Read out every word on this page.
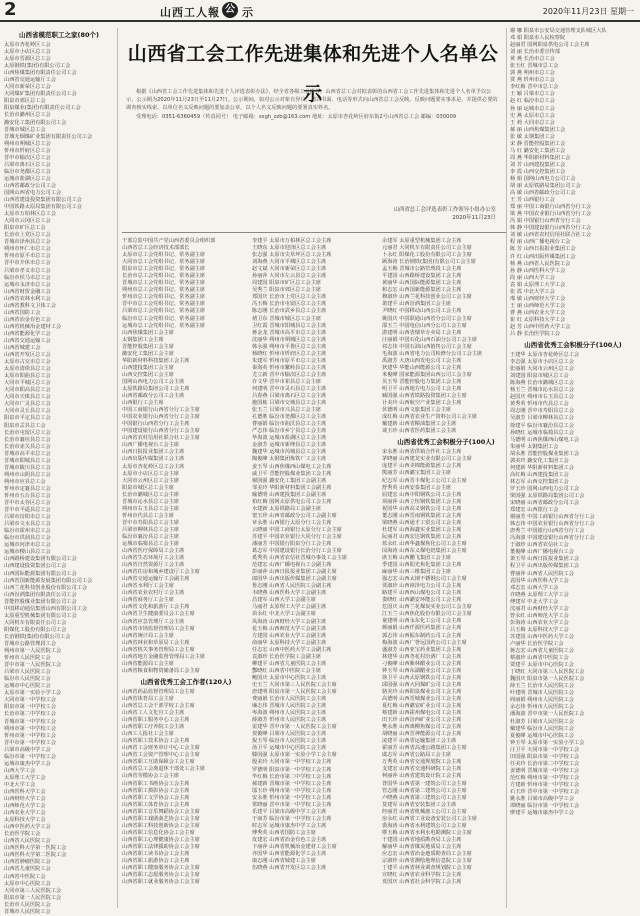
2	山西工人報 公 示	2020年11月23日 星期一
山西省模范职工之家(80个)
太原市杏花岭区工会
太原市小店区总工会
太原市晋源区总工会
太原钢铁(集团)有限公司工会
山西焦煤集团有限责任公司工会
山西省交通运输厅工会
大同市新荣区总工会
大同煤矿集团有限责任公司工会
阳泉市郊区总工会
阳泉煤业(集团)有限责任公司工会
长治市潞州区总工会
潞安化工集团有限公司工会
晋城市城区总工会
晋城无烟煤矿业集团有限责任公司工会
朔州市朔城区总工会
忻州市忻府区总工会
晋中市榆次区总工会
吕梁市离石区总工会
临汾市尧都区总工会
运城市盐湖区总工会
山西省邮政分公司工会
国网山西省电力公司工会
山西省建设投资集团有限公司工会
中国铁路太原局集团有限公司工会
太原市万柏林区总工会
大同市云冈区总工会
阳泉市矿区总工会
长治市上党区总工会
晋城市泽州县总工会
朔州市怀仁市总工会
忻州市原平市总工会
晋中市介休市总工会
吕梁市孝义市总工会
临汾市侯马市总工会
运城市永济市总工会
山西省财贸金融工会
山西省农林水利工会
山西省教科文卫体工会
山西省国防工会
山西省冶金有色工会
山西省机械冶金建材工会
山西省能源化学工会
山西省交通运输工会
山西省城建工会
山西省开发区总工会
太原市古交市总工会
太原市清徐县总工会
太原市阳曲县总工会
大同市平城区总工会
大同市阳高县总工会
大同市天镇县总工会
大同市广灵县总工会
大同市灵丘县总工会
阳泉市平定县总工会
阳泉市盂县总工会
长治市屯留区总工会
长治市襄垣县总工会
长治市壶关县总工会
晋城市高平市总工会
晋城市阳城县总工会
晋城市陵川县总工会
朔州市山阴县总工会
朔州市应县总工会
忻州市定襄县总工会
忻州市五台县总工会
晋中市太谷区总工会
晋中市平遥县总工会
吕梁市汾阳市总工会
吕梁市文水县总工会
临汾市霍州市总工会
临汾市洪洞县总工会
运城市河津市总工会
运城市稷山县总工会
山西路桥建设集团有限公司工会
山西建设投资集团公司工会
山西国际能源集团有限公司工会
山西省国新能源发展集团有限公司工会
山西兰花科技创业股份有限公司工会
山西汾酒集团有限责任公司工会
晋能控股煤业集团有限公司工会
中国移动通信集团山西有限公司工会
太原重型机械集团有限公司工会
大同机车有限责任公司工会
阳煤化工股份有限公司工会
长治钢铁(集团)有限公司工会
晋城市公路管理段工会
朔州市第一人民医院工会
忻州市人民医院工会
晋中市第一人民医院工会
吕梁市人民医院工会
临汾市人民医院工会
运城市中心医院工会
太原市第一实验小学工会
大同市第一中学校工会
阳泉市第一中学校工会
长治市第二中学校工会
晋城市第一中学校工会
朔州市第一中学校工会
忻州市第一中学校工会
晋中市第一中学校工会
吕梁市高级中学工会
临汾市第一中学校工会
运城市康杰中学工会
山西大学工会
太原理工大学工会
中北大学工会
山西医科大学工会
山西财经大学工会
山西师范大学工会
山西农业大学工会
太原科技大学工会
山西中医药大学工会
长治医学院工会
山西省人民医院工会
山西医科大学第一医院工会
山西医科大学第二医院工会
山西省肿瘤医院工会
山西省儿童医院工会
山西省中医院工会
太原市中心医院工会
大同市第三人民医院工会
阳泉市第一人民医院工会
长治市人民医院工会
晋城市人民医院工会
山西省工会工作先进集体和先进个人名单公示

根据《山西省工会工作先进集体和先进个人评选表彰办法》，经全省各级工会推荐，山西省总工会对拟表彰的山西省工会工作先进集体和先进个人名单予以公示，公示期为2020年11月23日至11月27日。公示期间，如对公示对象有异议，请以书面、电话等形式向山西省总工会反映。反映问题要实事求是，并提供必要的调查核实线索。以单位名义反映问题的要加盖公章，以个人名义反映问题的要署真实姓名。

受理电话：0351-6360459（传真同号） 电子邮箱：sxgh_zzb@163.com 地址：太原市杏花岭区府东街2号山西省总工会 邮编：030009

山西省总工会评选表彰工作领导小组办公室
2020年11月23日
干部总监中国共产党山西省委员会组织部
山西省总工会经济技术部部长
太原市总工会党组书记、常务副主席
大同市总工会党组书记、常务副主席
阳泉市总工会党组书记、常务副主席
长治市总工会党组书记、常务副主席
晋城市总工会党组书记、常务副主席
朔州市总工会党组书记、常务副主席
忻州市总工会党组书记、常务副主席
晋中市总工会党组书记、常务副主席
吕梁市总工会党组书记、常务副主席
临汾市总工会党组书记、常务副主席
运城市总工会党组书记、常务副主席
山西焦煤集团工会主席
太钢集团工会主席
晋能控股集团工会主席
潞安化工集团工会主席
华阳新材料科技集团工会主席
山西建投集团工会主席
山西交控集团工会主席
国网山西电力公司工会主席
太原铁路局集团公司工会主席
山西省邮政分公司工会主席
山西银行工会主席
中国工商银行山西省分行工会主席
中国农业银行山西省分行工会主席
中国银行山西省分行工会主席
中国建设银行山西省分行工会主席
山西省农村信用社联合社工会主席
山西广播电视台工会主席
山西日报报业集团工会主席
山西出版传媒集团工会主席
太原市杏花岭区总工会主席
太原市小店区总工会主席
大同市云州区总工会主席
阳泉市城区总工会主席
长治市潞城区总工会主席
晋城市沁水县总工会主席
朔州市右玉县总工会主席
忻州市代县总工会主席
晋中市寿阳县总工会主席
吕梁市柳林县总工会主席
临汾市襄汾县总工会主席
运城市临猗县总工会主席
山西省医疗保障局工会主席
山西省生态环境厅工会主席
山西省自然资源厅工会主席
山西省住房和城乡建设厅工会主席
山西省交通运输厅工会副主席
山西省水利厅工会主席
山西省农业农村厅工会主席
山西省商务厅工会主席
山西省文化和旅游厅工会主席
山西省卫生健康委员会工会主席
山西省应急管理厅工会主席
山西省市场监督管理局工会主席
山西省统计局工会主席
山西省林业和草原局工会主席
山西省机关事务管理局工会主席
山西省地方金融监督管理局工会主席
山西省能源局工会主席
山西省粮食和物资储备局工会主席
山西省优秀工会工作者(120人)
山西省药品监督管理局工会主席
山西省体育局工会主席
山西省总工会干部学校工会主席
山西省工人文化宫工会主席
山西省职工服务中心工会主席
山西省职工疗养院工会主席
山西工人报社工会主席
山西省职工技术协会工会主席
山西省工会财务审计中心工会主席
山西省工会资产管理中心工会主席
山西省职工互助保障会工会主席
山西省总工会离退休干部处工会主席
山西省劳模协会工会主席
山西省职工书画协会工会主席
山西省职工摄影协会工会主席
山西省职工文学协会工会主席
山西省职工体育协会工会主席
山西省职工音乐舞蹈协会工会主席
山西省职工戏剧曲艺协会工会主席
山西省职工科技创新协会工会主席
山西省职工信息化协会工会主席
山西省职工心理健康协会工会主席
山西省职工法律援助协会工会主席
山西省职工读书协会工会主席
山西省职工旅游协会工会主席
山西省职工健康服务协会工会主席
山西省职工志愿服务协会工会主席
山西省职工就业服务协会工会主席
李建平 太原市万柏林区总工会主席
王晓东 太原市迎泽区总工会主席
张志强 太原市尖草坪区总工会主席
刘海燕 大同市平城区总工会主席
赵文斌 大同市新荣区总工会主席
孙丽萍 大同市左云县总工会主席
周建国 阳泉市矿区总工会主席
吴秀兰 阳泉市郊区总工会主席
郑国庆 长治市上党区总工会主席
冯玉梅 长治市屯留区总工会主席
陈志刚 长治市武乡县总工会主席
褚卫东 晋城市城区总工会主席
卫红霞 晋城市阳城县总工会主席
蒋金龙 晋城市高平市总工会主席
沈丽华 朔州市朔城区总工会主席
韩永强 朔州市平鲁区总工会主席
杨晓红 忻州市忻府区总工会主席
朱建军 忻州市原平市总工会主席
秦海英 忻州市繁峙县总工会主席
尤立新 晋中市榆次区总工会主席
许文华 晋中市祁县总工会主席
何建明 晋中市灵石县总工会主席
吕春燕 吕梁市离石区总工会主席
施国栋 吕梁市交城县总工会主席
张玉兰 吕梁市兴县总工会主席
孔德胜 临汾市尧都区总工会主席
曹丽娟 临汾市曲沃县总工会主席
严志伟 临汾市乡宁县总工会主席
华海波 运城市盐湖区总工会主席
金淑芳 运城市新绛县总工会主席
魏建华 运城市芮城县总工会主席
陶俊峰 太钢集团炼铁厂工会主席
姜玉琴 山西焦煤西山煤电工会主席
戚卫平 晋能控股煤业集团工会主席
谢国强 潞安化工集团工会副主席
邹美玲 华阳新材料集团工会副主席
喻德明 山西建投集团工会副主席
柏红梅 国网太原供电公司工会主席
水建新 太原铁路局工会副主席
窦玉珍 山西省邮政分公司工会副主席
章永胜 山西银行太原分行工会主席
云晓丽 中国工商银行太原分行工会主席
苏建平 中国农业银行大同分行工会主席
潘丽芳 中国银行阳泉分行工会主席
葛志军 中国建设银行长治分行工会主席
奚秀英 山西省农信社晋城办事处工会主席
范建宏 山西广播电视台工会副主席
彭丽萍 山西日报报业集团工会副主席
郎国华 山西出版传媒集团工会副主席
鲁志刚 山西省人民医院工会副主席
韦晓燕 山西医科大学工会副主席
昌建军 山西大学工会副主席
马丽君 太原理工大学工会副主席
苗永红 中北大学工会副主席
凤海涛 山西财经大学工会副主席
花玉梅 山西师范大学工会副主席
方建国 山西农业大学工会副主席
俞丽华 太原科技大学工会副主席
任志宏 山西中医药大学工会副主席
袁淑珍 长治医学院工会副主席
柳建平 山西省儿童医院工会主席
酆晓红 山西省中医院工会主席
鲍国庆 太原市中心医院工会主席
史玉兰 大同市第三人民医院工会主席
唐建明 阳泉市第一人民医院工会主席
费丽娟 长治市人民医院工会主席
廉志伟 晋城市人民医院工会主席
岑海波 朔州市人民医院工会主席
薛淑芳 忻州市人民医院工会主席
雷建华 晋中市第一人民医院工会主席
贺俊峰 吕梁市人民医院工会主席
倪玉琴 临汾市人民医院工会主席
汤卫平 运城市中心医院工会主席
滕国强 太原市第一实验小学工会主席
殷美玲 大同市第一中学校工会主席
罗德明 阳泉市第一中学校工会主席
毕红梅 长治市第二中学校工会主席
郝建新 晋城市第一中学校工会主席
邬玉珍 朔州市第一中学校工会主席
安永胜 忻州市第一中学校工会主席
常晓丽 晋中市第一中学校工会主席
乐建平 吕梁市高级中学工会主席
于丽芳 临汾市第一中学校工会主席
时志军 运城市康杰中学工会主席
傅秀英 山西省国防工会主席
皮建宏 山西省冶金有色工会主席
卞丽萍 山西省机械冶金建材工会主席
齐国华 山西省能源化学工会主席
康志刚 山西省城建工会主席
伍晓燕 山西省开发区总工会主席
余建军 太原重型机械集团工会主席
元丽君 大同机车有限责任公司工会主席
卜永红 阳煤化工股份有限公司工会主席
顾海涛 长治钢铁(集团)有限公司工会主席
孟玉梅 晋城市公路管理段工会主席
平建国 山西路桥建设集团工会主席
黄丽华 山西国际能源集团工会主席
和志宏 山西国新能源集团工会主席
穆淑珍 山西兰花科技创业公司工会主席
萧建平 山西汾酒集团工会主席
尹晓红 中国移动山西公司工会主席
姚国庆 中国联通山西省分公司工会主席
邵玉兰 中国电信山西分公司工会主席
湛建明 山西省烟草专卖局工会主席
汪丽娟 中国石化山西石油分公司工会主席
祁志伟 中国石油山西销售公司工会主席
毛海波 山西省电力公司检修分公司工会主席
禹淑芳 大唐山西发电公司工会主席
狄建华 华能山西能源公司工会主席
米俊峰 国家能源集团山西公司工会主席
贝玉琴 晋能控股电力集团工会主席
明卫平 山西地方电力公司工会主席
臧国强 山西省铁路投资集团工会主席
计美玲 山西航空产业集团工会主席
伏德明 山西文旅集团工会主席
成红梅 山西省农业生产资料公司工会主席
戴建新 山西省粮油集团工会主席
谈玉珍 山西省医药集团工会主席
山西省优秀工会积极分子(100人)
宋永胜 山西省供销合作社工会主席
茅晓丽 山西建龙实业有限公司工会主席
庞建平 山西美锦能源集团工会主席
熊丽芳 山西潞宝集团工会主席
纪志军 山西晋丰煤化工公司工会主席
舒秀英 山西安泰集团工会主席
屈建宏 山西中阳钢铁公司工会主席
项丽萍 山西立恒钢铁集团工会主席
祝国华 山西高义钢铁公司工会主席
董志刚 山西晋南钢铁集团工会主席
梁晓燕 山西通才工贸公司工会主席
杜建军 山西海鑫实业集团工会主席
阮丽君 山西宏达钢铁集团工会主席
蓝永红 山西华鑫煤焦化公司工会主席
闵海涛 山西东义煤电铝集团工会主席
席玉梅 山西鹏飞集团工会主席
季建国 山西阳光焦化集团工会主席
麻丽华 山西三维集团工会主席
强志宏 山西太钢不锈钢公司工会主席
贾淑珍 山西漳泽电力公司工会主席
路建平 山西西山煤电公司工会主席
娄晓红 山西潞安环能公司工会主席
危国庆 山西兰花煤炭实业公司工会主席
江玉兰 山西焦化股份有限公司工会主席
童建明 山西永东化工公司工会主席
颜丽娟 山西仟源医药集团工会主席
郭志伟 山西振东制药公司工会主席
梅海波 山西广誉远国药公司工会主席
盛淑芳 山西亚宝药业集团工会主席
林建华 山西杏花村汾酒厂工会主席
刁俊峰 山西紫林醋业公司工会主席
钟玉琴 山西东湖醋业公司工会主席
徐卫平 山西太原钢铁公司工会主席
邱国强 山西大同煤矿公司工会主席
骆美玲 山西阳泉煤业公司工会主席
高德明 山西晋城煤业公司工会主席
夏红梅 山西潞安矿业公司工会主席
蔡建新 山西霍州煤电公司工会主席
田玉珍 山西汾西矿业公司工会主席
樊永胜 山西离柳焦煤公司工会主席
胡晓丽 山西晋神能源公司工会主席
凌建平 山西省运输集团工会主席
霍丽芳 山西省高速公路集团工会主席
虞志军 山西省公路局工会主席
万秀英 山西省交通规划院工会主席
支建宏 山西省交通科研院工会主席
柯丽萍 山西省建筑设计院工会主席
昝国华 山西省第一建筑公司工会主席
管志刚 山西省第二建筑公司工会主席
卢晓燕 山西省第三建筑公司工会主席
莫建军 山西省安装集团工会主席
经丽君 山西省机械施工公司工会主席
房永红 山西省工业设备安装公司工会主席
裘海涛 山西省水利建筑公司工会主席
缪玉梅 山西省水利水电勘测院工会主席
干建国 山西省地质勘查局工会主席
解丽华 山西省煤炭地质局工会主席
应志宏 山西省冶金地质勘查局工会主席
宗淑珍 山西省测绘地理信息院工会主席
丁建平 山西省林业调查规划院工会主席
宣晓红 山西省农业科学院工会主席
贲国庆 山西省社会科学院工会主席
谢 娜 阳泉市公安局交通管理支队城区大队
邓 娟 阳泉市人民检察院
赵丽君 国网阳泉供电公司工会主席
刘 丽 长治市委宣传部
黄 燕 长治市总工会
张玉红 晋城市总工会
郭 燕 朔州市总工会
贾 燕 忻州市总工会
李红梅 晋中市总工会
王 颖 吕梁市总工会
赵 红 临汾市总工会
孙 丽 运城市总工会
史 燕 太原市总工会
王 莉 大同市总工会
郝 丽 山西焦煤集团工会
张 敏 太钢集团工会
宋 静 晋能控股集团工会
马 红 潞安化工集团工会
周 燕 华阳新材料集团工会
刘 芳 山西建投集团工会
李 霞 山西交控集团工会
杨 娟 国网山西电力公司工会
胡 丽 太原铁路局集团公司工会
高 敏 山西省邮政分公司工会
王 芳 山西银行工会
郑 丽 中国工商银行山西省分行工会
梁 燕 中国农业银行山西省分行工会
冯 娟 中国银行山西省分行工会
韩 静 中国建设银行山西省分行工会
刘 敏 山西省农村信用社联合社工会
程 丽 山西广播电视台工会
陈 芳 山西日报报业集团工会
许 红 山西出版传媒集团工会
杨 燕 山西省人民医院工会
孙 静 山西医科大学工会
段 丽 山西大学工会
袁 娟 太原理工大学工会
张 霞 中北大学工会
邢 敏 山西财经大学工会
王 丽 山西师范大学工会
曹 燕 山西农业大学工会
崔 红 太原科技大学工会
赵 芳 山西中医药大学工会
吕 静 长治医学院工会
山西省优秀工会积极分子(100人)
王建华 太原市杏花岭区总工会
李志强 太原市小店区总工会
张丽娟 大同市云州区总工会
刘建国 阳泉市城区总工会
陈海燕 长治市潞城区总工会
杨玉兰 晋城市沁水县总工会
赵国庆 朔州市右玉县总工会
黄秀英 忻州市代县总工会
周志刚 晋中市寿阳县总工会
吴淑芳 吕梁市柳林县总工会
徐建平 临汾市襄汾县总工会
孙晓红 运城市临猗县总工会
马德明 山西焦煤西山煤电工会
朱丽华 太钢集团工会
胡永胜 晋能控股煤业集团工会
郭美玲 潞安化工集团工会
何建新 华阳新材料集团工会
高红梅 山西建投集团工会
林志军 山西交控集团工会
罗玉珍 国网山西电力公司工会
梁国强 太原铁路局集团公司工会
宋晓丽 山西省邮政分公司工会
郑建宏 山西银行工会
谢丽芳 中国工商银行山西省分行工会
韩志伟 中国农业银行山西省分行工会
唐秀兰 中国银行山西省分行工会
冯海波 中国建设银行山西省分行工会
于淑珍 山西省农信社工会
董俊峰 山西广播电视台工会
萧玉琴 山西日报报业集团工会
程卫平 山西出版传媒集团工会
曹丽萍 山西省人民医院工会
袁国华 山西医科大学工会
邓志宏 山西大学工会
许晓燕 太原理工大学工会
傅建军 中北大学工会
沈丽君 山西财经大学工会
曾永红 山西师范大学工会
彭海涛 山西农业大学工会
吕玉梅 太原科技大学工会
苏建国 山西中医药大学工会
卢丽华 长治医学院工会
蒋志宏 山西省儿童医院工会
蔡淑珍 山西省中医院工会
贾建平 太原市中心医院工会
丁晓红 大同市第三人民医院工会
魏国庆 阳泉市第一人民医院工会
薛玉兰 长治市人民医院工会
叶建明 晋城市人民医院工会
阎丽娟 朔州市人民医院工会
余志伟 忻州市人民医院工会
潘海波 晋中市第一人民医院工会
杜淑芳 吕梁市人民医院工会
戴建华 临汾市人民医院工会
夏俊峰 运城市中心医院工会
钟玉琴 太原市第一实验小学工会
汪卫平 大同市第一中学校工会
田国强 阳泉市第一中学校工会
任美玲 长治市第二中学校工会
姜德明 晋城市第一中学校工会
范红梅 朔州市第一中学校工会
方建新 忻州市第一中学校工会
石玉珍 晋中市第一中学校工会
姚永胜 吕梁市高级中学工会
谭晓丽 临汾市第一中学校工会
廖建平 运城市康杰中学工会
